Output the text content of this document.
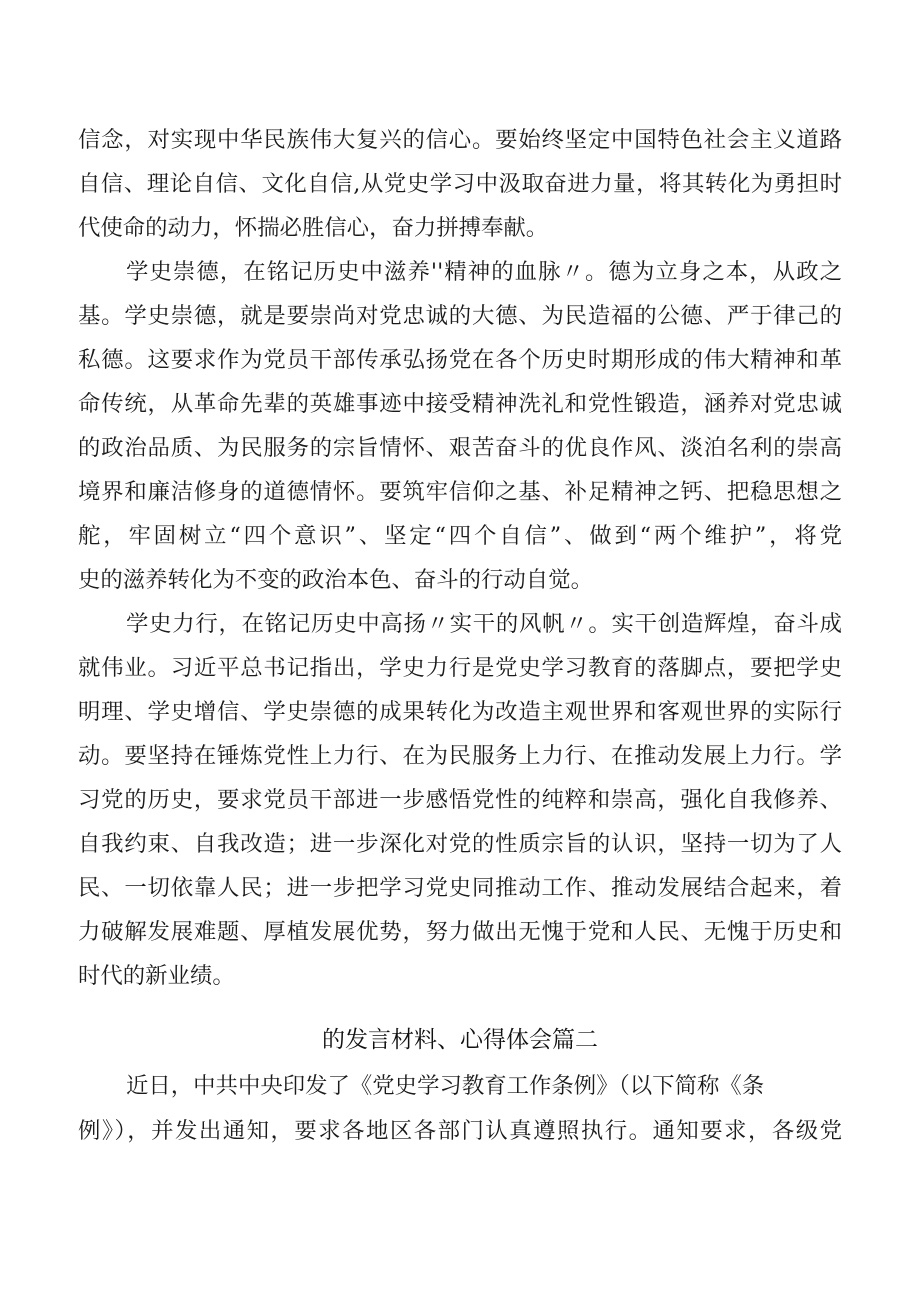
信念，对实现中华民族伟大复兴的信心。要始终坚定中国特色社会主义道路
自信、理论自信、文化自信,从党史学习中汲取奋进力量，将其转化为勇担时
代使命的动力，怀揣必胜信心，奋力拼搏奉献。
学史崇德，在铭记历史中滋养''精神的血脉〃。德为立身之本，从政之
基。学史崇德，就是要崇尚对党忠诚的大德、为民造福的公德、严于律己的
私德。这要求作为党员干部传承弘扬党在各个历史时期形成的伟大精神和革
命传统，从革命先辈的英雄事迹中接受精神洗礼和党性锻造，涵养对党忠诚
的政治品质、为民服务的宗旨情怀、艰苦奋斗的优良作风、淡泊名利的崇高
境界和廉洁修身的道德情怀。要筑牢信仰之基、补足精神之钙、把稳思想之
舵，牢固树立“四个意识”、坚定“四个自信”、做到“两个维护”，将党
史的滋养转化为不变的政治本色、奋斗的行动自觉。
学史力行，在铭记历史中高扬〃实干的风帆〃。实干创造辉煌，奋斗成
就伟业。习近平总书记指出，学史力行是党史学习教育的落脚点，要把学史
明理、学史增信、学史崇德的成果转化为改造主观世界和客观世界的实际行
动。要坚持在锤炼党性上力行、在为民服务上力行、在推动发展上力行。学
习党的历史，要求党员干部进一步感悟党性的纯粹和崇高，强化自我修养、
自我约束、自我改造；进一步深化对党的性质宗旨的认识，坚持一切为了人
民、一切依靠人民；进一步把学习党史同推动工作、推动发展结合起来，着
力破解发展难题、厚植发展优势，努力做出无愧于党和人民、无愧于历史和
时代的新业绩。
的发言材料、心得体会篇二
近日，中共中央印发了《党史学习教育工作条例》（以下简称《条
例》），并发出通知，要求各地区各部门认真遵照执行。通知要求，各级党
